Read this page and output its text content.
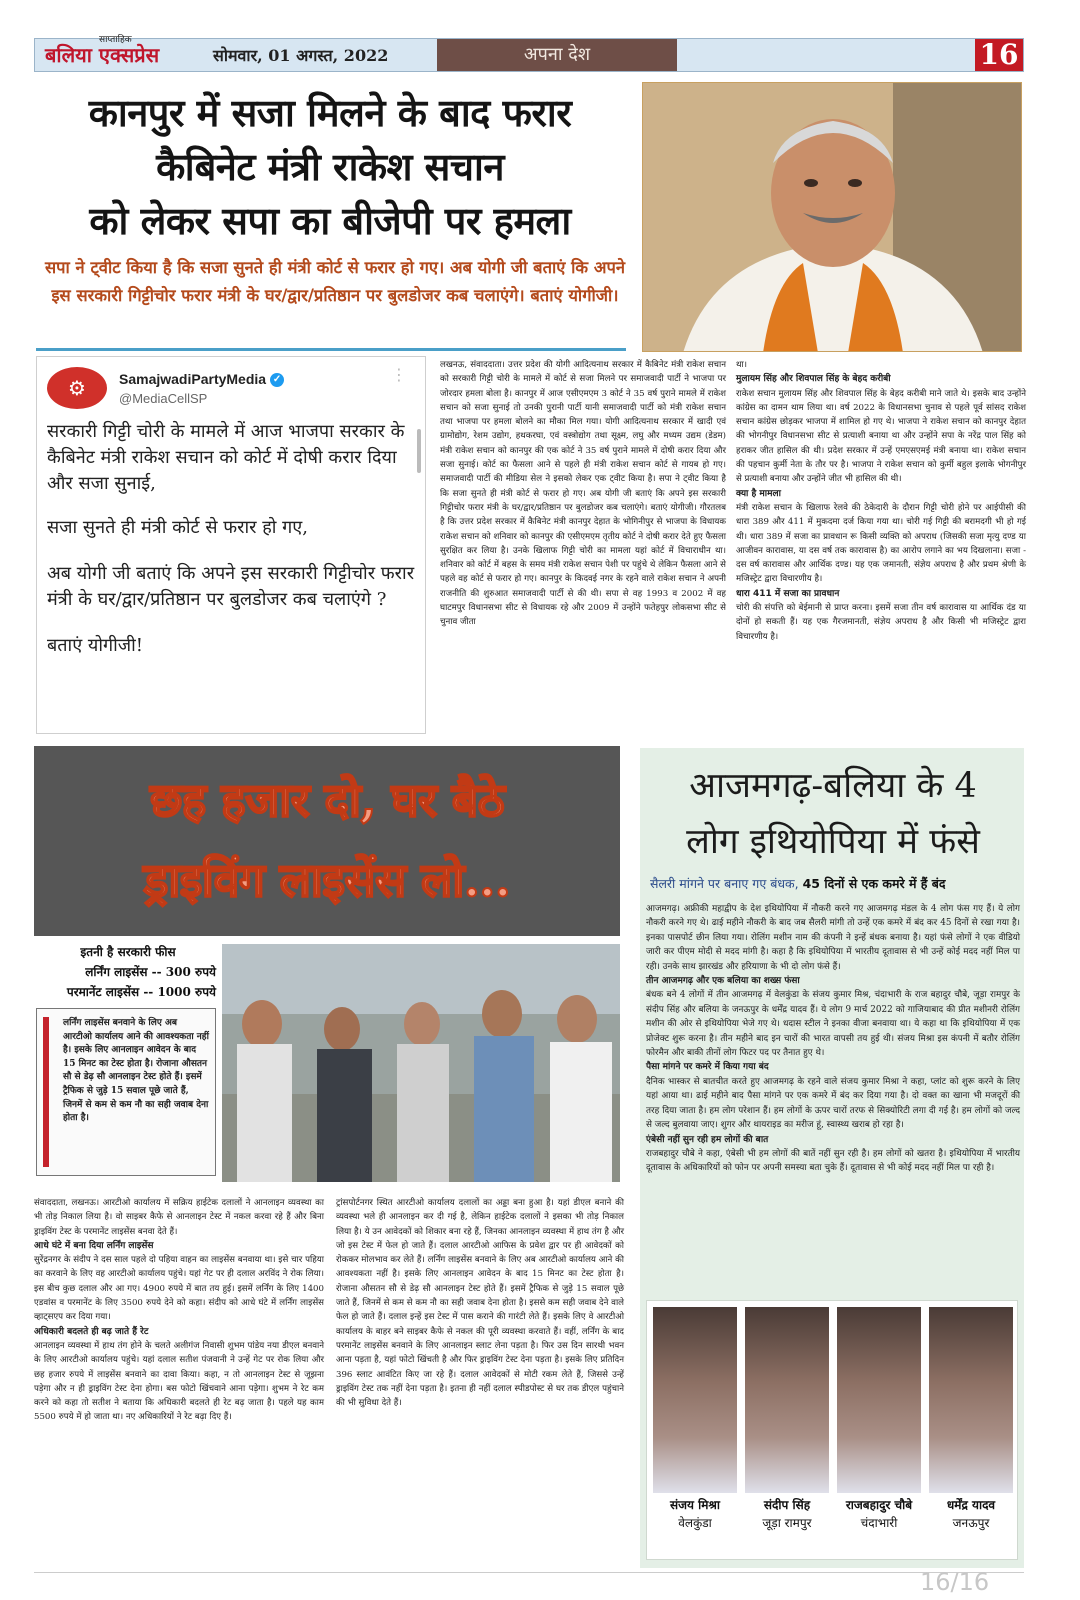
साप्ताहिक
बलिया एक्सप्रेस	सोमवार, 01 अगस्त, 2022	अपना देश	16
कानपुर में सजा मिलने के बाद फरार
कैबिनेट मंत्री राकेश सचान
को लेकर सपा का बीजेपी पर हमला
सपा ने ट्वीट किया है कि सजा सुनते ही मंत्री कोर्ट से फरार हो गए। अब योगी जी बताएं कि अपने इस सरकारी गिट्टीचोर फरार मंत्री के घर/द्वार/प्रतिष्ठान पर बुलडोजर कब चलाएंगे। बताएं योगीजी।
⚙	SamajwadiPartyMedia ✓
@MediaCellSP
⋮

सरकारी गिट्टी चोरी के मामले में आज भाजपा सरकार के कैबिनेट मंत्री राकेश सचान को कोर्ट में दोषी करार दिया और सजा सुनाई,

सजा सुनते ही मंत्री कोर्ट से फरार हो गए,

अब योगी जी बताएं कि अपने इस सरकारी गिट्टीचोर फरार मंत्री के घर/द्वार/प्रतिष्ठान पर बुलडोजर कब चलाएंगे ?

बताएं योगीजी!

लखनऊ, संवाददाता। उत्तर प्रदेश की योगी आदित्यनाथ सरकार में कैबिनेट मंत्री राकेश सचान को सरकारी गिट्टी चोरी के मामले में कोर्ट से सजा मिलने पर समाजवादी पार्टी ने भाजपा पर जोरदार हमला बोला है। कानपुर में आज एसीएमएम 3 कोर्ट ने 35 वर्ष पुराने मामले में राकेश सचान को सजा सुनाई तो उनकी पुरानी पार्टी यानी समाजवादी पार्टी को मंत्री राकेश सचान तथा भाजपा पर हमला बोलने का मौका मिल गया। योगी आदित्यनाथ सरकार में खादी एवं ग्रामोद्योग, रेशम उद्योग, हथकरघा, एवं वस्त्रोद्योग तथा सूक्ष्म, लघु और मध्यम उद्यम (डेडम) मंत्री राकेश सचान को कानपुर की एक कोर्ट ने 35 वर्ष पुराने मामले में दोषी करार दिया और सजा सुनाई। कोर्ट का फैसला आने से पहले ही मंत्री राकेश सचान कोर्ट से गायब हो गए। समाजवादी पार्टी की मीडिया सेल ने इसको लेकर एक ट्वीट किया है। सपा ने ट्वीट किया है कि सजा सुनते ही मंत्री कोर्ट से फरार हो गए। अब योगी जी बताएं कि अपने इस सरकारी गिट्टीचोर फरार मंत्री के घर/द्वार/प्रतिष्ठान पर बुलडोजर कब चलाएंगे। बताएं योगीजी। गौरतलब है कि उत्तर प्रदेश सरकार में कैबिनेट मंत्री कानपुर देहात के भोगिनीपुर से भाजपा के विधायक राकेश सचान को शनिवार को कानपुर की एसीएमएम तृतीय कोर्ट ने दोषी करार देते हुए फैसला सुरक्षित कर लिया है। उनके खिलाफ गिट्टी चोरी का मामला यहां कोर्ट में विचाराधीन था। शनिवार को कोर्ट में बहस के समय मंत्री राकेश सचान पेशी पर पहुंचे थे लेकिन फैसला आने से पहले वह कोर्ट से फरार हो गए। कानपुर के किदवई नगर के रहने वाले राकेश सचान ने अपनी राजनीति की शुरुआत समाजवादी पार्टी से की थी। सपा से वह 1993 व 2002 में वह घाटमपुर विधानसभा सीट से विधायक रहे और 2009 में उन्होंने फतेहपुर लोकसभा सीट से चुनाव जीता
था।
मुलायम सिंह और शिवपाल सिंह के बेहद करीबी
राकेश सचान मुलायम सिंह और शिवपाल सिंह के बेहद करीबी माने जाते थे। इसके बाद उन्होंने कांग्रेस का दामन थाम लिया था। वर्ष 2022 के विधानसभा चुनाव से पहले पूर्व सांसद राकेश सचान कांग्रेस छोड़कर भाजपा में शामिल हो गए थे। भाजपा ने राकेश सचान को कानपुर देहात की भोगनीपुर विधानसभा सीट से प्रत्याशी बनाया था और उन्होंने सपा के नरेंद्र पाल सिंह को हराकर जीत हासिल की थी। प्रदेश सरकार में उन्हें एमएसएमई मंत्री बनाया था। राकेश सचान की पहचान कुर्मी नेता के तौर पर है। भाजपा ने राकेश सचान को कुर्मी बहुल इलाके भोगनीपुर से प्रत्याशी बनाया और उन्होंने जीत भी हासिल की थी।
क्या है मामला
मंत्री राकेश सचान के खिलाफ रेलवे की ठेकेदारी के दौरान गिट्टी चोरी होने पर आईपीसी की धारा 389 और 411 में मुकदमा दर्ज किया गया था। चोरी गई गिट्टी की बरामदगी भी हो गई थी। धारा 389 में सजा का प्रावधान रू किसी व्यक्ति को अपराध (जिसकी सजा मृत्यु दण्ड या आजीवन कारावास, या दस वर्ष तक कारावास है) का आरोप लगाने का भय दिखलाना। सजा - दस वर्ष कारावास और आर्थिक दण्ड। यह एक जमानती, संज्ञेय अपराध है और प्रथम श्रेणी के मजिस्ट्रेट द्वारा विचारणीय है।
धारा 411 में सजा का प्रावधान
चोरी की संपत्ति को बेईमानी से प्राप्त करना। इसमें सजा तीन वर्ष कारावास या आर्थिक दंड या दोनों हो सकती हैं। यह एक गैरजमानती, संज्ञेय अपराध है और किसी भी मजिस्ट्रेट द्वारा विचारणीय है।
छह हजार दो, घर बैठे
ड्राइविंग लाइसेंस लो...
इतनी है सरकारी फीस
लर्निंग लाइसेंस -- 300 रुपये
परमानेंट लाइसेंस -- 1000 रुपये
लर्निंग लाइसेंस बनवाने के लिए अब आरटीओ कार्यालय आने की आवश्यकता नहीं है। इसके लिए आनलाइन आवेदन के बाद 15 मिनट का टेस्ट होता है। रोजाना औसतन सौ से डेढ़ सौ आनलाइन टेस्ट होते हैं। इसमें ट्रैफिक से जुड़े 15 सवाल पूछे जाते हैं, जिनमें से कम से कम नौ का सही जवाब देना होता है।
संवाददाता, लखनऊ। आरटीओ कार्यालय में सक्रिय हाईटेक दलालों ने आनलाइन व्यवस्था का भी तोड़ निकाल लिया है। वो साइबर कैफे से आनलाइन टेस्ट में नकल करवा रहे हैं और बिना ड्राइविंग टेस्ट के परमानेंट लाइसेंस बनवा देते हैं।
आधे घंटे में बना दिया लर्निंग लाइसेंस
सुरेंद्रनगर के संदीप ने दस साल पहले दो पहिया वाहन का लाइसेंस बनवाया था। इसे चार पहिया का करवाने के लिए वह आरटीओ कार्यालय पहुंचे। यहां गेट पर ही दलाल अरविंद ने रोक लिया। इस बीच कुछ दलाल और आ गए। 4900 रुपये में बात तय हुई। इसमें लर्निंग के लिए 1400 एडवांस व परमानेंट के लिए 3500 रुपये देने को कहा। संदीप को आधे घंटे में लर्निंग लाइसेंस व्हाट्सएप कर दिया गया।
अधिकारी बदलते ही बढ़ जाते हैं रेट
आनलाइन व्यवस्था में हाथ तंग होने के चलते अलीगंज निवासी शुभम पांडेय नया डीएल बनवाने के लिए आरटीओ कार्यालय पहुंचे। यहां दलाल सतीश पंजवानी ने उन्हें गेट पर रोक लिया और छह हजार रुपये में लाइसेंस बनवाने का दावा किया। कहा, न तो आनलाइन टेस्ट से जूझना पड़ेगा और न ही ड्राइविंग टेस्ट देना होगा। बस फोटो खिंचवाने आना पड़ेगा। शुभम ने रेट कम करने को कहा तो सतीश ने बताया कि अधिकारी बदलते ही रेट बढ़ जाता है। पहले यह काम 5500 रुपये में हो जाता था। नए अधिकारियों ने रेट बढ़ा दिए हैं।
ट्रांसपोर्टनगर स्थित आरटीओ कार्यालय दलालों का अड्डा बना हुआ है। यहां डीएल बनाने की व्यवस्था भले ही आनलाइन कर दी गई है, लेकिन हाईटेक दलालों ने इसका भी तोड़ निकाल लिया है। ये उन आवेदकों को शिकार बना रहे हैं, जिनका आनलाइन व्यवस्था में हाथ तंग है और जो इस टेस्ट में फेल हो जाते हैं। दलाल आरटीओ आफिस के प्रवेश द्वार पर ही आवेदकों को रोककर मोलभाव कर लेते हैं। लर्निंग लाइसेंस बनवाने के लिए अब आरटीओ कार्यालय आने की आवश्यकता नहीं है। इसके लिए आनलाइन आवेदन के बाद 15 मिनट का टेस्ट होता है। रोजाना औसतन सौ से डेढ़ सौ आनलाइन टेस्ट होते हैं। इसमें ट्रैफिक से जुड़े 15 सवाल पूछे जाते हैं, जिनमें से कम से कम नौ का सही जवाब देना होता है। इससे कम सही जवाब देने वाले फेल हो जाते हैं। दलाल इन्हें इस टेस्ट में पास कराने की गारंटी लेते हैं। इसके लिए वे आरटीओ कार्यालय के बाहर बने साइबर कैफे से नकल की पूरी व्यवस्था करवाते हैं। वहीं, लर्निंग के बाद परमानेंट लाइसेंस बनवाने के लिए आनलाइन स्लाट लेना पड़ता है। फिर उस दिन सारथी भवन आना पड़ता है, यहां फोटो खिंचती है और फिर ड्राइविंग टेस्ट देना पड़ता है। इसके लिए प्रतिदिन 396 स्लाट आवंटित किए जा रहे हैं। दलाल आवेदकों से मोटी रकम लेते हैं, जिससे उन्हें ड्राइविंग टेस्ट तक नहीं देना पड़ता है। इतना ही नहीं दलाल स्पीडपोस्ट से घर तक डीएल पहुंचाने की भी सुविधा देते हैं।
आजमगढ़-बलिया के 4
लोग इथियोपिया में फंसे
सैलरी मांगने पर बनाए गए बंधक, 45 दिनों से एक कमरे में हैं बंद
आजमगढ़। अफ्रीकी महाद्वीप के देश इथियोपिया में नौकरी करने गए आजमगढ़ मंडल के 4 लोग फंस गए हैं। ये लोग नौकरी करने गए थे। ढाई महीने नौकरी के बाद जब सैलरी मांगी तो उन्हें एक कमरे में बंद कर 45 दिनों से रखा गया है। इनका पासपोर्ट छीन लिया गया। रोलिंग मशीन नाम की कंपनी ने इन्हें बंधक बनाया है। यहां फंसे लोगों ने एक वीडियो जारी कर पीएम मोदी से मदद मांगी है। कहा है कि इथियोपिया में भारतीय दूतावास से भी उन्हें कोई मदद नहीं मिल पा रही। उनके साथ झारखंड और हरियाणा के भी दो लोग फंसे हैं।
तीन आजमगढ़ और एक बलिया का शख्स फंसा
बंधक बने 4 लोगों में तीन आजमगढ़ में वेलकुंडा के संजय कुमार मिश्र, चंदाभारी के राज बहादुर चौबे, जूड़ा रामपुर के संदीप सिंह और बलिया के जनऊपुर के धर्मेंद्र यादव हैं। ये लोग 9 मार्च 2022 को गाजियाबाद की प्रीत मशीनरी रोलिंग मशीन की ओर से इथियोपिया भेजे गए थे। धदास स्टील ने इनका वीजा बनवाया था। ये कहा था कि इथियोपिया में एक प्रोजेक्ट शुरू करना है। तीन महीने बाद इन चारों की भारत वापसी तय हुई थी। संजय मिश्रा इस कंपनी में बतौर रोलिंग फोरमैन और बाकी तीनों लोग फिटर पद पर तैनात हुए थे।
पैसा मांगने पर कमरे में किया गया बंद
दैनिक भास्कर से बातचीत करते हुए आजमगढ़ के रहने वाले संजय कुमार मिश्रा ने कहा, प्लांट को शुरू करने के लिए यहां आया था। ढाई महीने बाद पैसा मांगने पर एक कमरे में बंद कर दिया गया है। दो वक्त का खाना भी मजदूरों की तरह दिया जाता है। हम लोग परेशान हैं। हम लोगों के ऊपर चारों तरफ से सिक्योरिटी लगा दी गई है। हम लोगों को जल्द से जल्द बुलवाया जाए। शुगर और थायराइड का मरीज हूं, स्वास्थ्य खराब हो रहा है।
एंबेसी नहीं सुन रही हम लोगों की बात
राजबहादुर चौबे ने कहा, एंबेसी भी हम लोगों की बातें नहीं सुन रही है। हम लोगों को खतरा है। इथियोपिया में भारतीय दूतावास के अधिकारियों को फोन पर अपनी समस्या बता चुके हैं। दूतावास से भी कोई मदद नहीं मिल पा रही है।
संजय मिश्रा
वेलकुंडा
संदीप सिंह
जूड़ा रामपुर
राजबहादुर चौबे
चंदाभारी
धर्मेंद्र यादव
जनऊपुर
16/16
